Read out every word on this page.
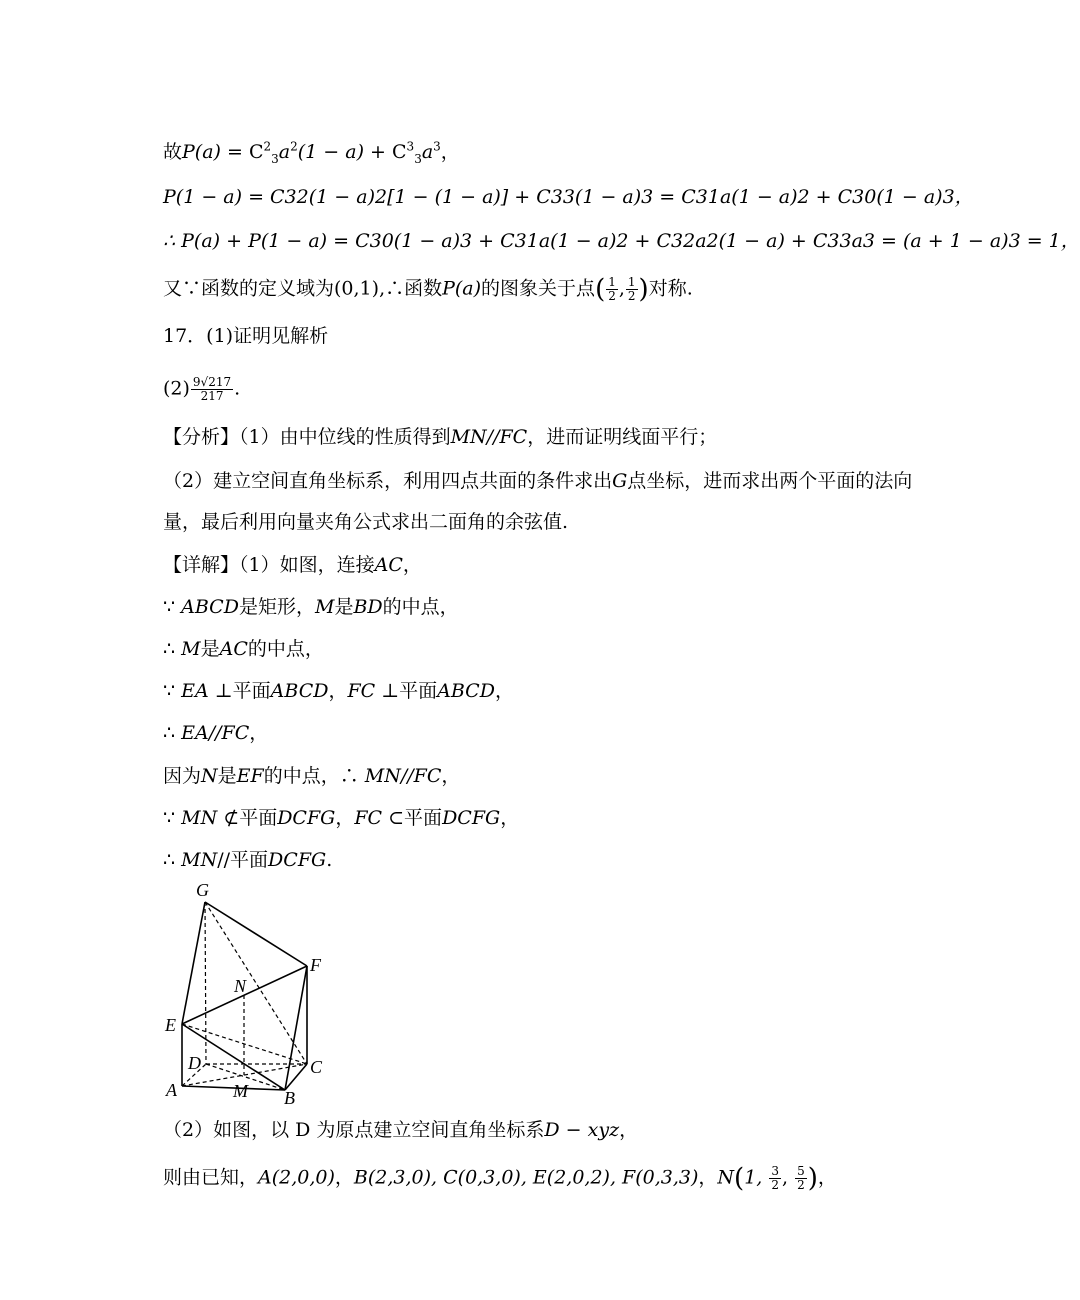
故$P(a) = C^2_3a^2(1 - a) + C^3_3a^3$，
P(1 − a) = C32(1 − a)2[1 − (1 − a)] + C33(1 − a)3 = C31a(1 − a)2 + C30(1 − a)3，
∴ P(a) + P(1 − a) = C30(1 − a)3 + C31a(1 − a)2 + C32a2(1 − a) + C33a3 = (a + 1 − a)3 = 1，
又∵函数的定义域为(0,1),∴函数P(a)的图象关于点( $\frac{1}{2}$ , $\frac{1}{2}$ )对称.
17．(1)证明见解析
$(2) \frac{9√217}{217}$ .
【分析】（1）由中位线的性质得到MN//FC，进而证明线面平行；
（2）建立空间直角坐标系，利用四点共面的条件求出G点坐标，进而求出两个平面的法向
量，最后利用向量夹角公式求出二面角的余弦值.
【详解】（1）如图，连接AC，
∵ ABCD是矩形，M是BD的中点，
∴ M是AC的中点，
∵ EA ⊥平面ABCD，FC ⊥平面ABCD，
∴ EA//FC，
因为N是EF的中点，∴ MN//FC，
∵ MN ⊄平面DCFG，FC ⊂平面DCFG，
∴ MN//平面DCFG.
G
F
N
E
D	C
A	M B
（2）如图，以 D 为原点建立空间直角坐标系D − xyz，
则由已知，A(2,0,0)，B(2,3,0), C(0,3,0), E(2,0,2), F(0,3,3)，N(1, $\frac{3}{2}$ , $\frac{5}{2}$ )，
